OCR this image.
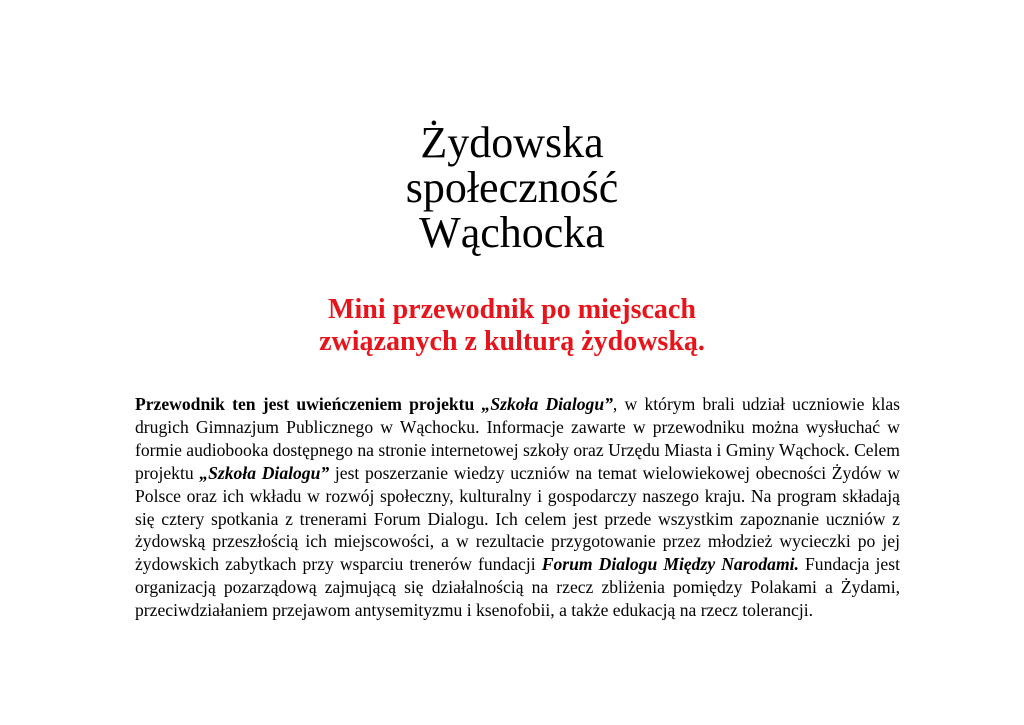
Żydowska
społeczność
Wąchocka
Mini przewodnik po miejscach
związanych z kulturą żydowską.

Przewodnik ten jest uwieńczeniem projektu „Szkoła Dialogu”, w którym brali udział uczniowie klas drugich Gimnazjum Publicznego w Wąchocku. Informacje zawarte w przewodniku można wysłuchać w formie audiobooka dostępnego na stronie internetowej szkoły oraz Urzędu Miasta i Gminy Wąchock. Celem projektu „Szkoła Dialogu” jest poszerzanie wiedzy uczniów na temat wielowiekowej obecności Żydów w Polsce oraz ich wkładu w rozwój społeczny, kulturalny i gospodarczy naszego kraju. Na program składają się cztery spotkania z trenerami Forum Dialogu. Ich celem jest przede wszystkim zapoznanie uczniów z żydowską przeszłością ich miejscowości, a w rezultacie przygotowanie przez młodzież wycieczki po jej żydowskich zabytkach przy wsparciu trenerów fundacji Forum Dialogu Między Narodami. Fundacja jest organizacją pozarządową zajmującą się działalnością na rzecz zbliżenia pomiędzy Polakami a Żydami, przeciwdziałaniem przejawom antysemityzmu i ksenofobii, a także edukacją na rzecz tolerancji.
